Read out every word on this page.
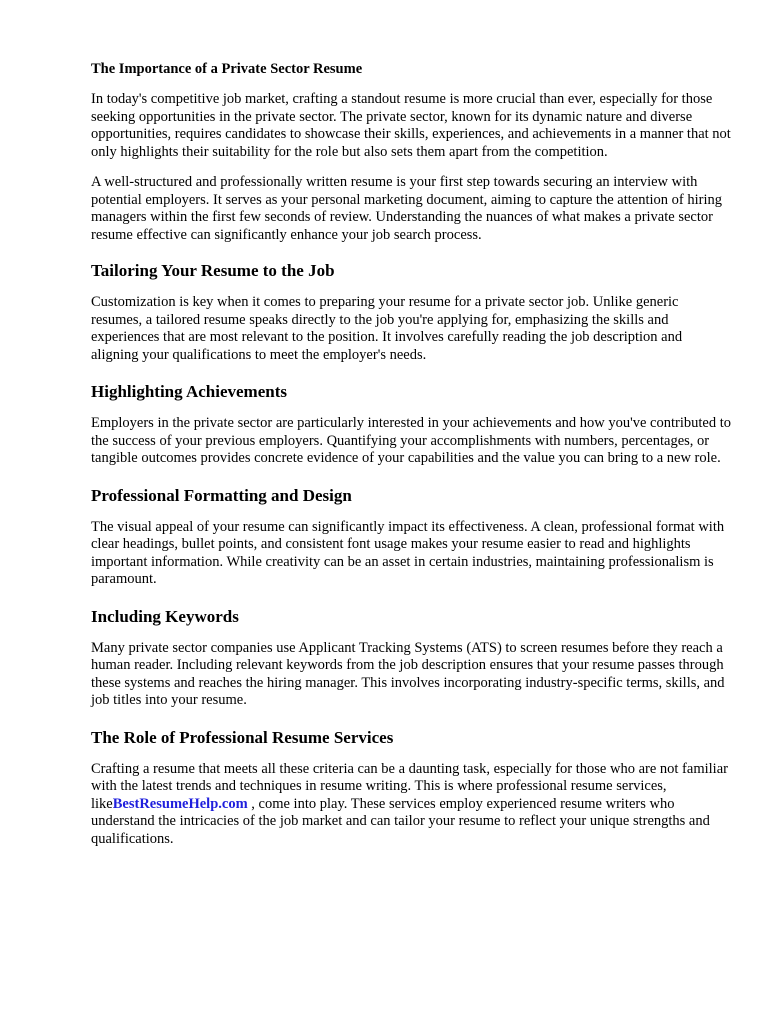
The Importance of a Private Sector Resume

In today's competitive job market, crafting a standout resume is more crucial than ever, especially for those seeking opportunities in the private sector. The private sector, known for its dynamic nature and diverse opportunities, requires candidates to showcase their skills, experiences, and achievements in a manner that not only highlights their suitability for the role but also sets them apart from the competition.

A well-structured and professionally written resume is your first step towards securing an interview with potential employers. It serves as your personal marketing document, aiming to capture the attention of hiring managers within the first few seconds of review. Understanding the nuances of what makes a private sector resume effective can significantly enhance your job search process.

Tailoring Your Resume to the Job

Customization is key when it comes to preparing your resume for a private sector job. Unlike generic resumes, a tailored resume speaks directly to the job you're applying for, emphasizing the skills and experiences that are most relevant to the position. It involves carefully reading the job description and aligning your qualifications to meet the employer's needs.

Highlighting Achievements

Employers in the private sector are particularly interested in your achievements and how you've contributed to the success of your previous employers. Quantifying your accomplishments with numbers, percentages, or tangible outcomes provides concrete evidence of your capabilities and the value you can bring to a new role.

Professional Formatting and Design

The visual appeal of your resume can significantly impact its effectiveness. A clean, professional format with clear headings, bullet points, and consistent font usage makes your resume easier to read and highlights important information. While creativity can be an asset in certain industries, maintaining professionalism is paramount.

Including Keywords

Many private sector companies use Applicant Tracking Systems (ATS) to screen resumes before they reach a human reader. Including relevant keywords from the job description ensures that your resume passes through these systems and reaches the hiring manager. This involves incorporating industry-specific terms, skills, and job titles into your resume.

The Role of Professional Resume Services

Crafting a resume that meets all these criteria can be a daunting task, especially for those who are not familiar with the latest trends and techniques in resume writing. This is where professional resume services, likeBestResumeHelp.com , come into play. These services employ experienced resume writers who understand the intricacies of the job market and can tailor your resume to reflect your unique strengths and qualifications.
